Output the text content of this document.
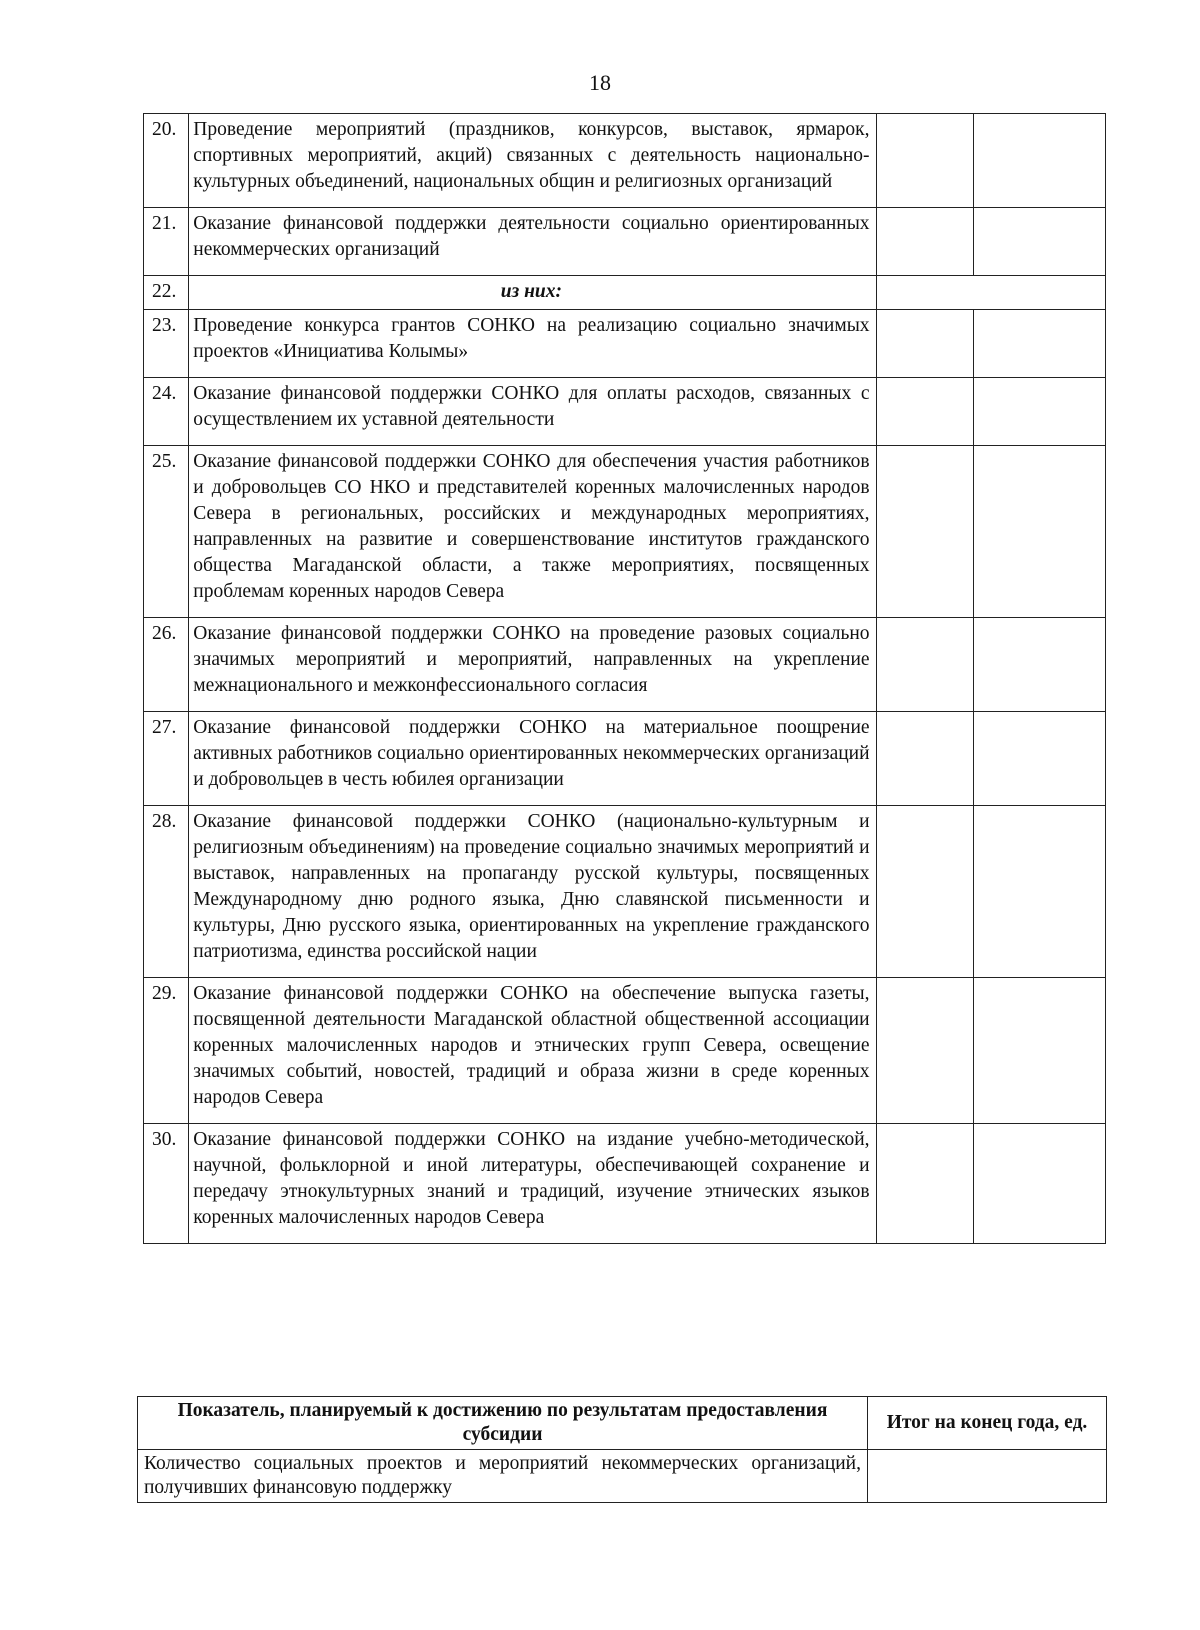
18
20.	Проведение мероприятий (праздников, конкурсов, выставок, ярмарок, спортивных мероприятий, акций) связанных с деятельность национально-культурных объединений, национальных общин и религиозных организаций		
21.	Оказание финансовой поддержки деятельности социально ориентированных некоммерческих организаций		
22.	из них:		
23.	Проведение конкурса грантов СОНКО на реализацию социально значимых проектов «Инициатива Колымы»		
24.	Оказание финансовой поддержки СОНКО для оплаты расходов, связанных с осуществлением их уставной деятельности		
25.	Оказание финансовой поддержки СОНКО для обеспечения участия работников и добровольцев СО НКО и представителей коренных малочисленных народов Севера в региональных, российских и международных мероприятиях, направленных на развитие и совершенствование институтов гражданского общества Магаданской области, а также мероприятиях, посвященных проблемам коренных народов Севера		
26.	Оказание финансовой поддержки СОНКО на проведение разовых социально значимых мероприятий и мероприятий, направленных на укрепление межнационального и межконфессионального согласия		
27.	Оказание финансовой поддержки СОНКО на материальное поощрение активных работников социально ориентированных некоммерческих организаций и добровольцев в честь юбилея организации		
28.	Оказание финансовой поддержки СОНКО (национально-культурным и религиозным объединениям) на проведение социально значимых мероприятий и выставок, направленных на пропаганду русской культуры, посвященных Международному дню родного языка, Дню славянской письменности и культуры, Дню русского языка, ориентированных на укрепление гражданского патриотизма, единства российской нации		
29.	Оказание финансовой поддержки СОНКО на обеспечение выпуска газеты, посвященной деятельности Магаданской областной общественной ассоциации коренных малочисленных народов и этнических групп Севера, освещение значимых событий, новостей, традиций и образа жизни в среде коренных народов Севера		
30.	Оказание финансовой поддержки СОНКО на издание учебно-методической, научной, фольклорной и иной литературы, обеспечивающей сохранение и передачу этнокультурных знаний и традиций, изучение этнических языков коренных малочисленных народов Севера		
Показатель, планируемый к достижению по результатам предоставления субсидии	Итог на конец года, ед.
Количество социальных проектов и мероприятий некоммерческих организаций, получивших финансовую поддержку	
